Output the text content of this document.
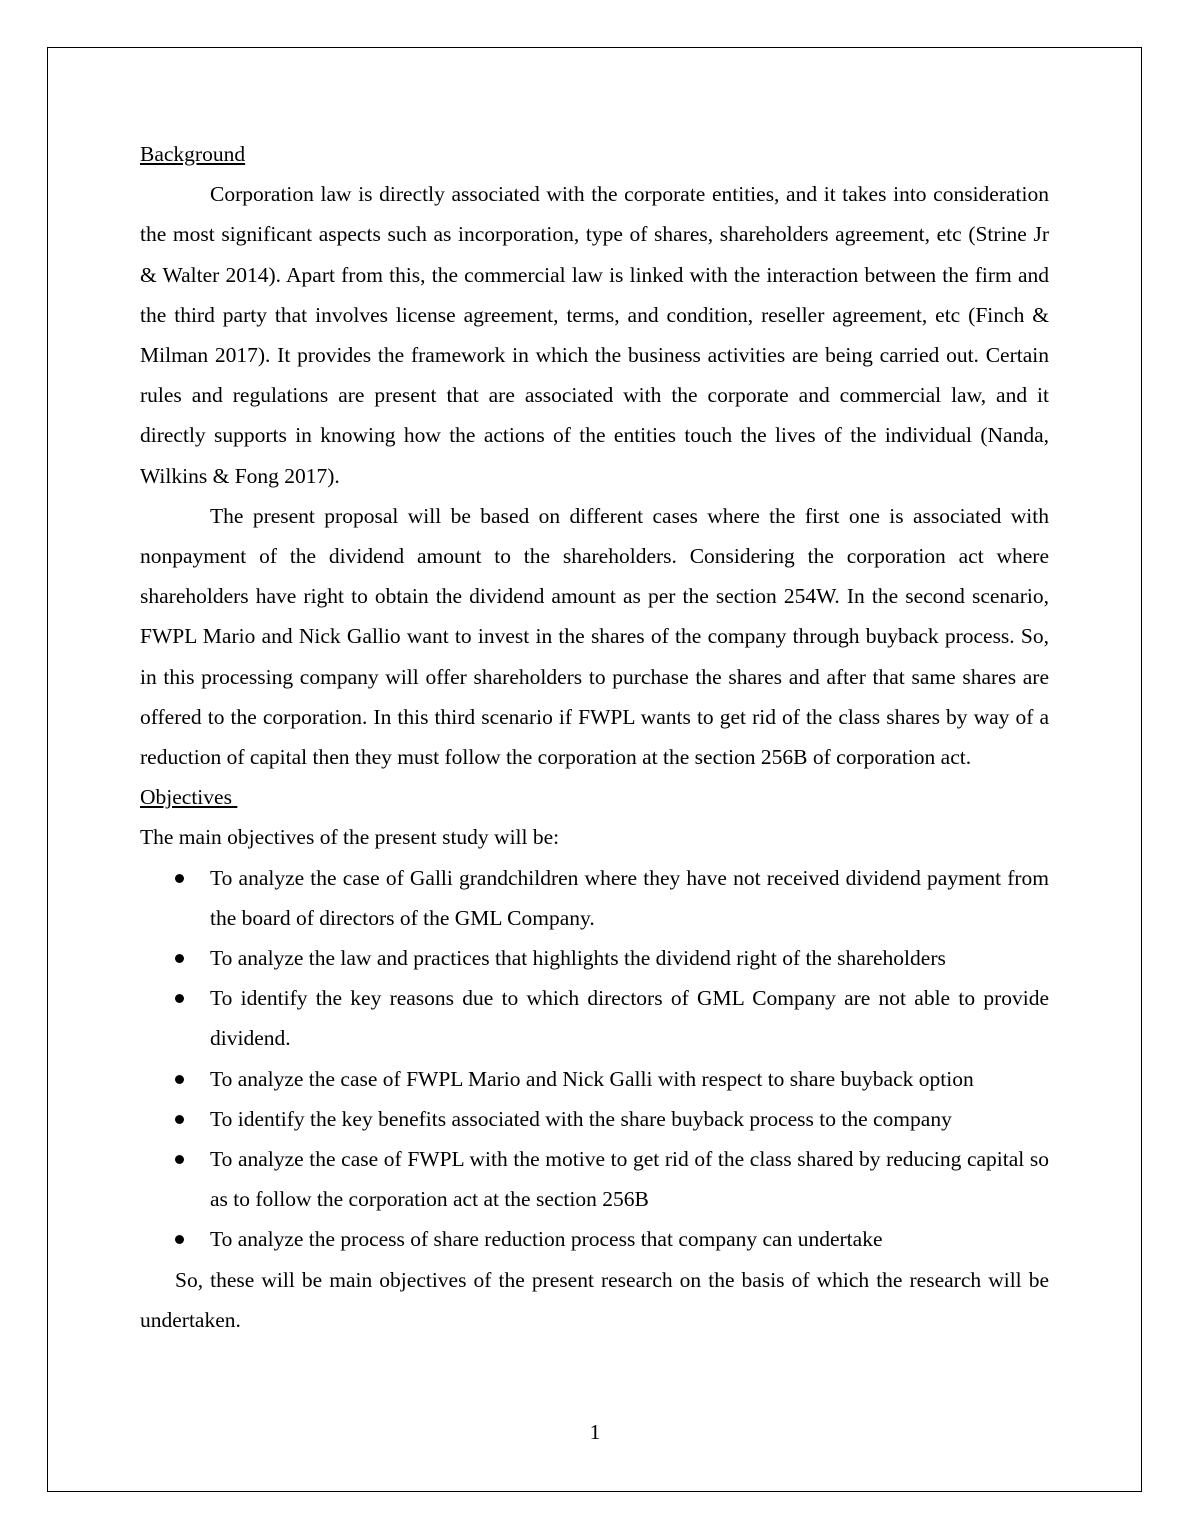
Background

Corporation law is directly associated with the corporate entities, and it takes into consideration the most significant aspects such as incorporation, type of shares, shareholders agreement, etc (Strine Jr & Walter 2014). Apart from this, the commercial law is linked with the interaction between the firm and the third party that involves license agreement, terms, and condition, reseller agreement, etc (Finch & Milman 2017). It provides the framework in which the business activities are being carried out. Certain rules and regulations are present that are associated with the corporate and commercial law, and it directly supports in knowing how the actions of the entities touch the lives of the individual (Nanda, Wilkins & Fong 2017).

The present proposal will be based on different cases where the first one is associated with nonpayment of the dividend amount to the shareholders. Considering the corporation act where shareholders have right to obtain the dividend amount as per the section 254W. In the second scenario, FWPL Mario and Nick Gallio want to invest in the shares of the company through buyback process. So, in this processing company will offer shareholders to purchase the shares and after that same shares are offered to the corporation. In this third scenario if FWPL wants to get rid of the class shares by way of a reduction of capital then they must follow the corporation at the section 256B of corporation act.

Objectives

The main objectives of the present study will be:

To analyze the case of Galli grandchildren where they have not received dividend payment from the board of directors of the GML Company.
To analyze the law and practices that highlights the dividend right of the shareholders
To identify the key reasons due to which directors of GML Company are not able to provide dividend.
To analyze the case of FWPL Mario and Nick Galli with respect to share buyback option
To identify the key benefits associated with the share buyback process to the company
To analyze the case of FWPL with the motive to get rid of the class shared by reducing capital so as to follow the corporation act at the section 256B
To analyze the process of share reduction process that company can undertake

So, these will be main objectives of the present research on the basis of which the research will be undertaken.

1
